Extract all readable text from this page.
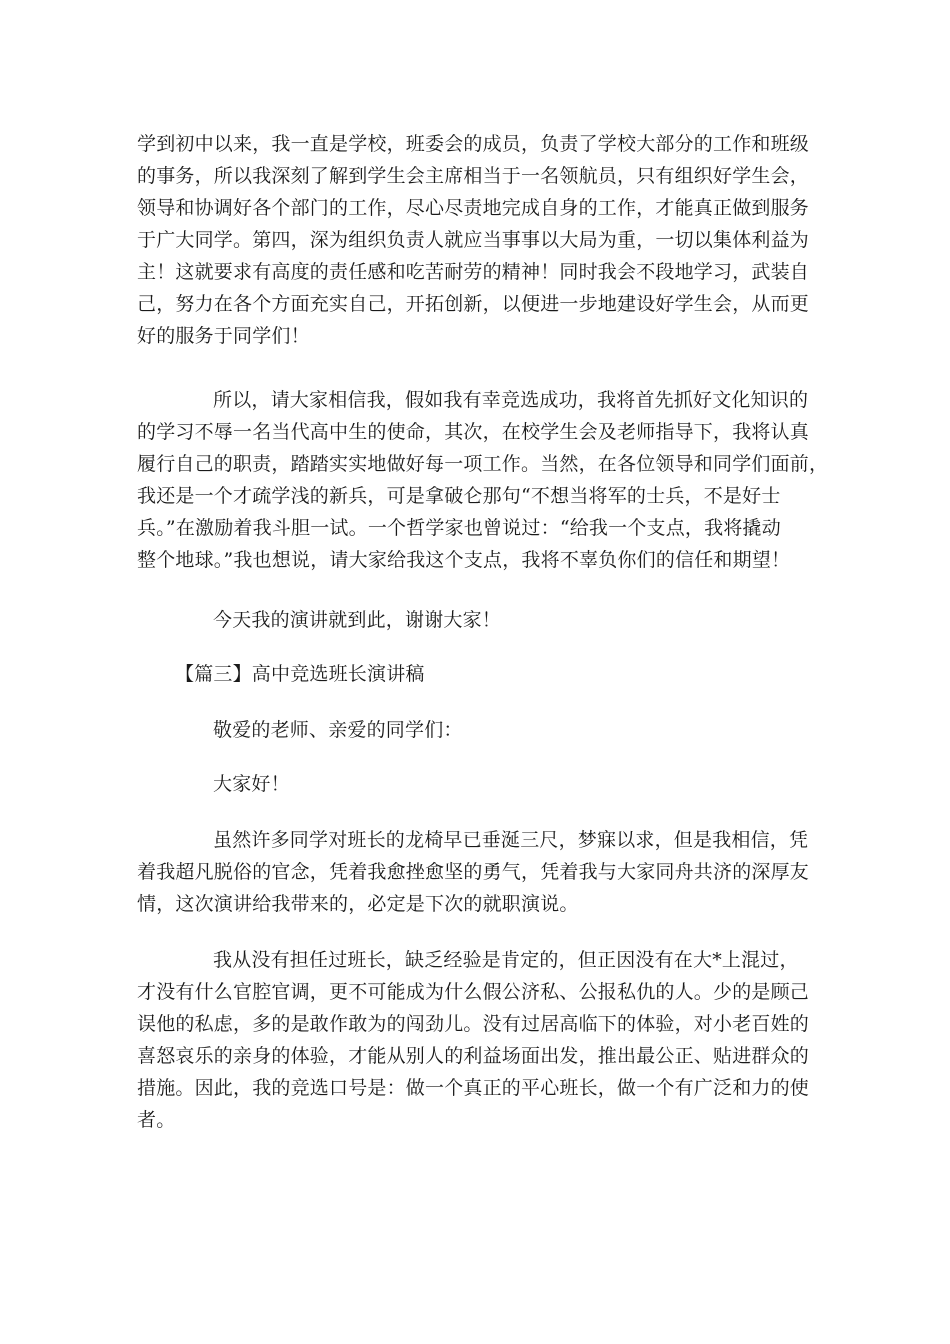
学到初中以来，我一直是学校，班委会的成员，负责了学校大部分的工作和班级
的事务，所以我深刻了解到学生会主席相当于一名领航员，只有组织好学生会，
领导和协调好各个部门的工作，尽心尽责地完成自身的工作，才能真正做到服务
于广大同学。第四，深为组织负责人就应当事事以大局为重，一切以集体利益为
主！这就要求有高度的责任感和吃苦耐劳的精神！同时我会不段地学习，武装自
己，努力在各个方面充实自己，开拓创新，以便进一步地建设好学生会，从而更
好的服务于同学们！
所以，请大家相信我，假如我有幸竞选成功，我将首先抓好文化知识的
的学习不辱一名当代高中生的使命，其次，在校学生会及老师指导下，我将认真
履行自己的职责，踏踏实实地做好每一项工作。当然，在各位领导和同学们面前，
我还是一个才疏学浅的新兵，可是拿破仑那句“不想当将军的士兵，不是好士
兵。”在激励着我斗胆一试。一个哲学家也曾说过：“给我一个支点，我将撬动
整个地球。”我也想说，请大家给我这个支点，我将不辜负你们的信任和期望！
今天我的演讲就到此，谢谢大家！
【篇三】高中竞选班长演讲稿
敬爱的老师、亲爱的同学们：
大家好！
虽然许多同学对班长的龙椅早已垂涎三尺，梦寐以求，但是我相信，凭
着我超凡脱俗的官念，凭着我愈挫愈坚的勇气，凭着我与大家同舟共济的深厚友
情，这次演讲给我带来的，必定是下次的就职演说。
我从没有担任过班长，缺乏经验是肯定的，但正因没有在大*上混过，
才没有什么官腔官调，更不可能成为什么假公济私、公报私仇的人。少的是顾己
误他的私虑，多的是敢作敢为的闯劲儿。没有过居高临下的体验，对小老百姓的
喜怒哀乐的亲身的体验，才能从别人的利益场面出发，推出最公正、贴进群众的
措施。因此，我的竞选口号是：做一个真正的平心班长，做一个有广泛和力的使
者。
